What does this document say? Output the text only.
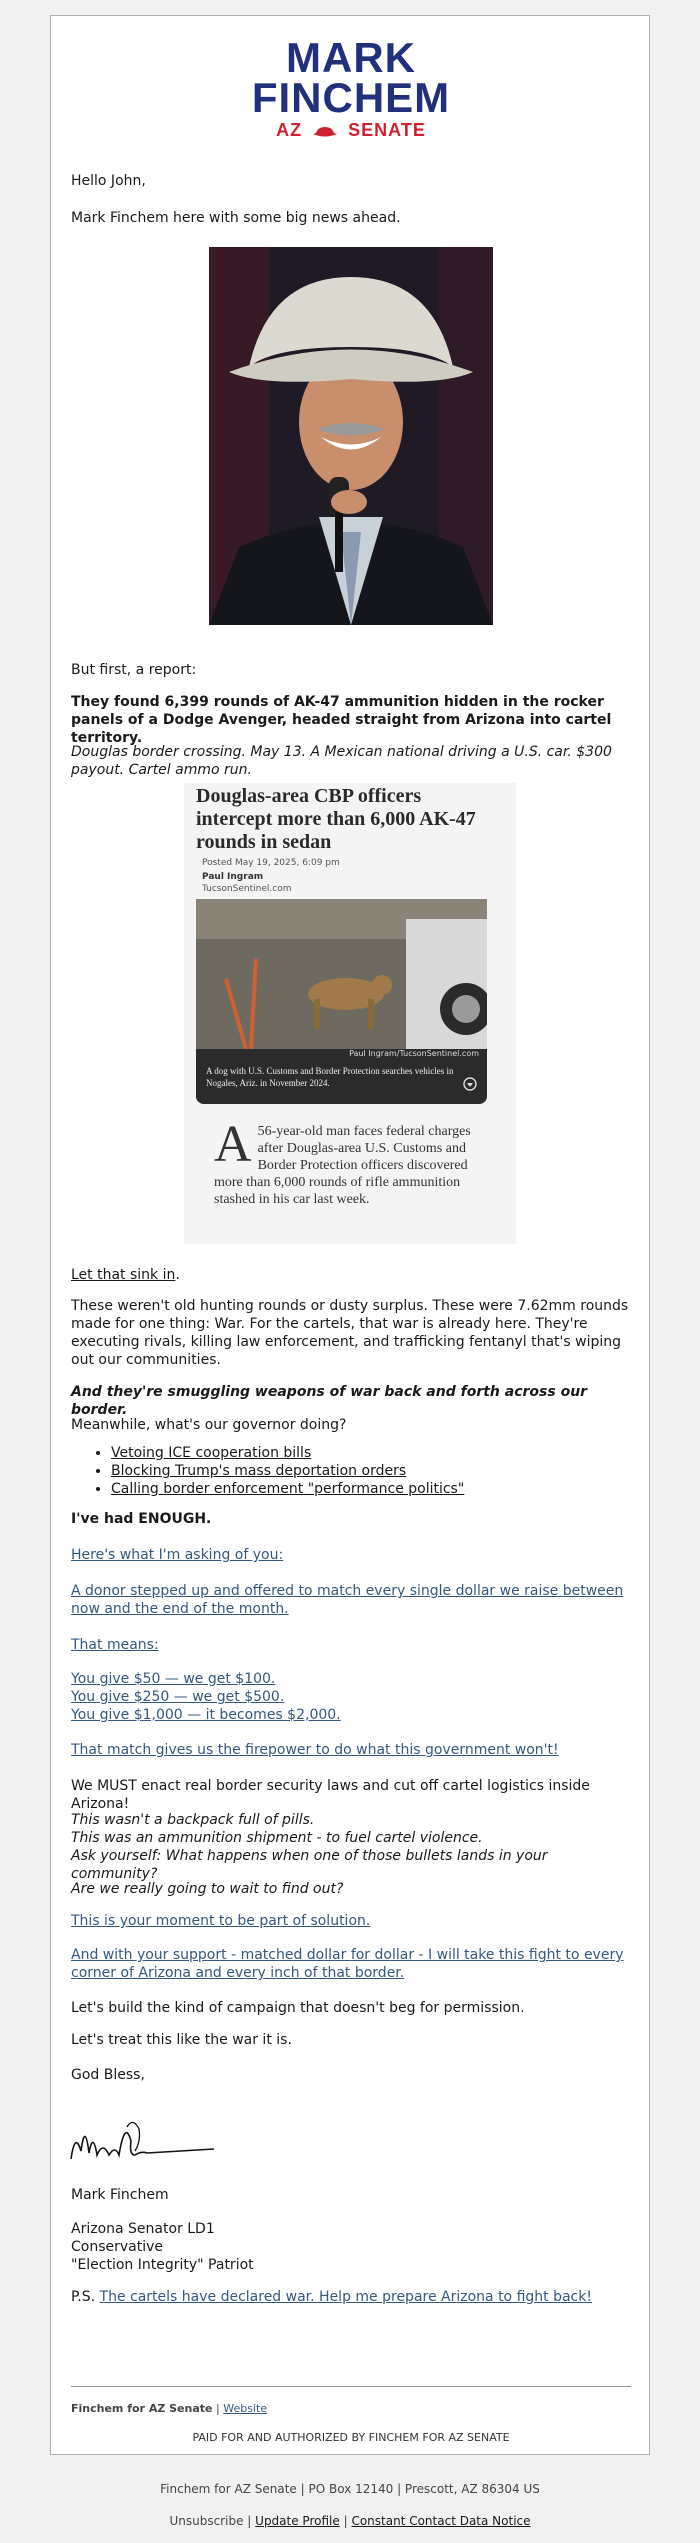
MARK
FINCHEM
AZ	SENATE

Hello John,

Mark Finchem here with some big news ahead.

But first, a report:

They found 6,399 rounds of AK-47 ammunition hidden in the rocker panels of a Dodge Avenger, headed straight from Arizona into cartel territory.

Douglas border crossing. May 13. A Mexican national driving a U.S. car. $300 payout. Cartel ammo run.

Douglas-area CBP officers intercept more than 6,000 AK-47 rounds in sedan
Posted May 19, 2025, 6:09 pm
Paul Ingram
TucsonSentinel.com
Paul Ingram/TucsonSentinel.com
A dog with U.S. Customs and Border Protection searches vehicles in Nogales, Ariz. in November 2024.
A 56-year-old man faces federal charges after Douglas-area U.S. Customs and Border Protection officers discovered more than 6,000 rounds of rifle ammunition stashed in his car last week.

Let that sink in.

These weren't old hunting rounds or dusty surplus. These were 7.62mm rounds made for one thing: War. For the cartels, that war is already here. They're executing rivals, killing law enforcement, and trafficking fentanyl that's wiping out our communities.

And they're smuggling weapons of war back and forth across our border.

Meanwhile, what's our governor doing?

• Vetoing ICE cooperation bills
• Blocking Trump's mass deportation orders
• Calling border enforcement "performance politics"

I've had ENOUGH.

Here's what I'm asking of you:

A donor stepped up and offered to match every single dollar we raise between now and the end of the month.

That means:

You give $50 — we get $100.

You give $250 — we get $500.

You give $1,000 — it becomes $2,000.

That match gives us the firepower to do what this government won't!

We MUST enact real border security laws and cut off cartel logistics inside Arizona!

This wasn't a backpack full of pills.

This was an ammunition shipment - to fuel cartel violence.

Ask yourself: What happens when one of those bullets lands in your community?

Are we really going to wait to find out?

This is your moment to be part of solution.

And with your support - matched dollar for dollar - I will take this fight to every corner of Arizona and every inch of that border.

Let's build the kind of campaign that doesn't beg for permission.

Let's treat this like the war it is.

God Bless,

Mark Finchem

Arizona Senator LD1

Conservative

"Election Integrity" Patriot

P.S. The cartels have declared war. Help me prepare Arizona to fight back!

Finchem for AZ Senate | Website
PAID FOR AND AUTHORIZED BY FINCHEM FOR AZ SENATE
Finchem for AZ Senate | PO Box 12140 | Prescott, AZ 86304 US
Unsubscribe | Update Profile | Constant Contact Data Notice
